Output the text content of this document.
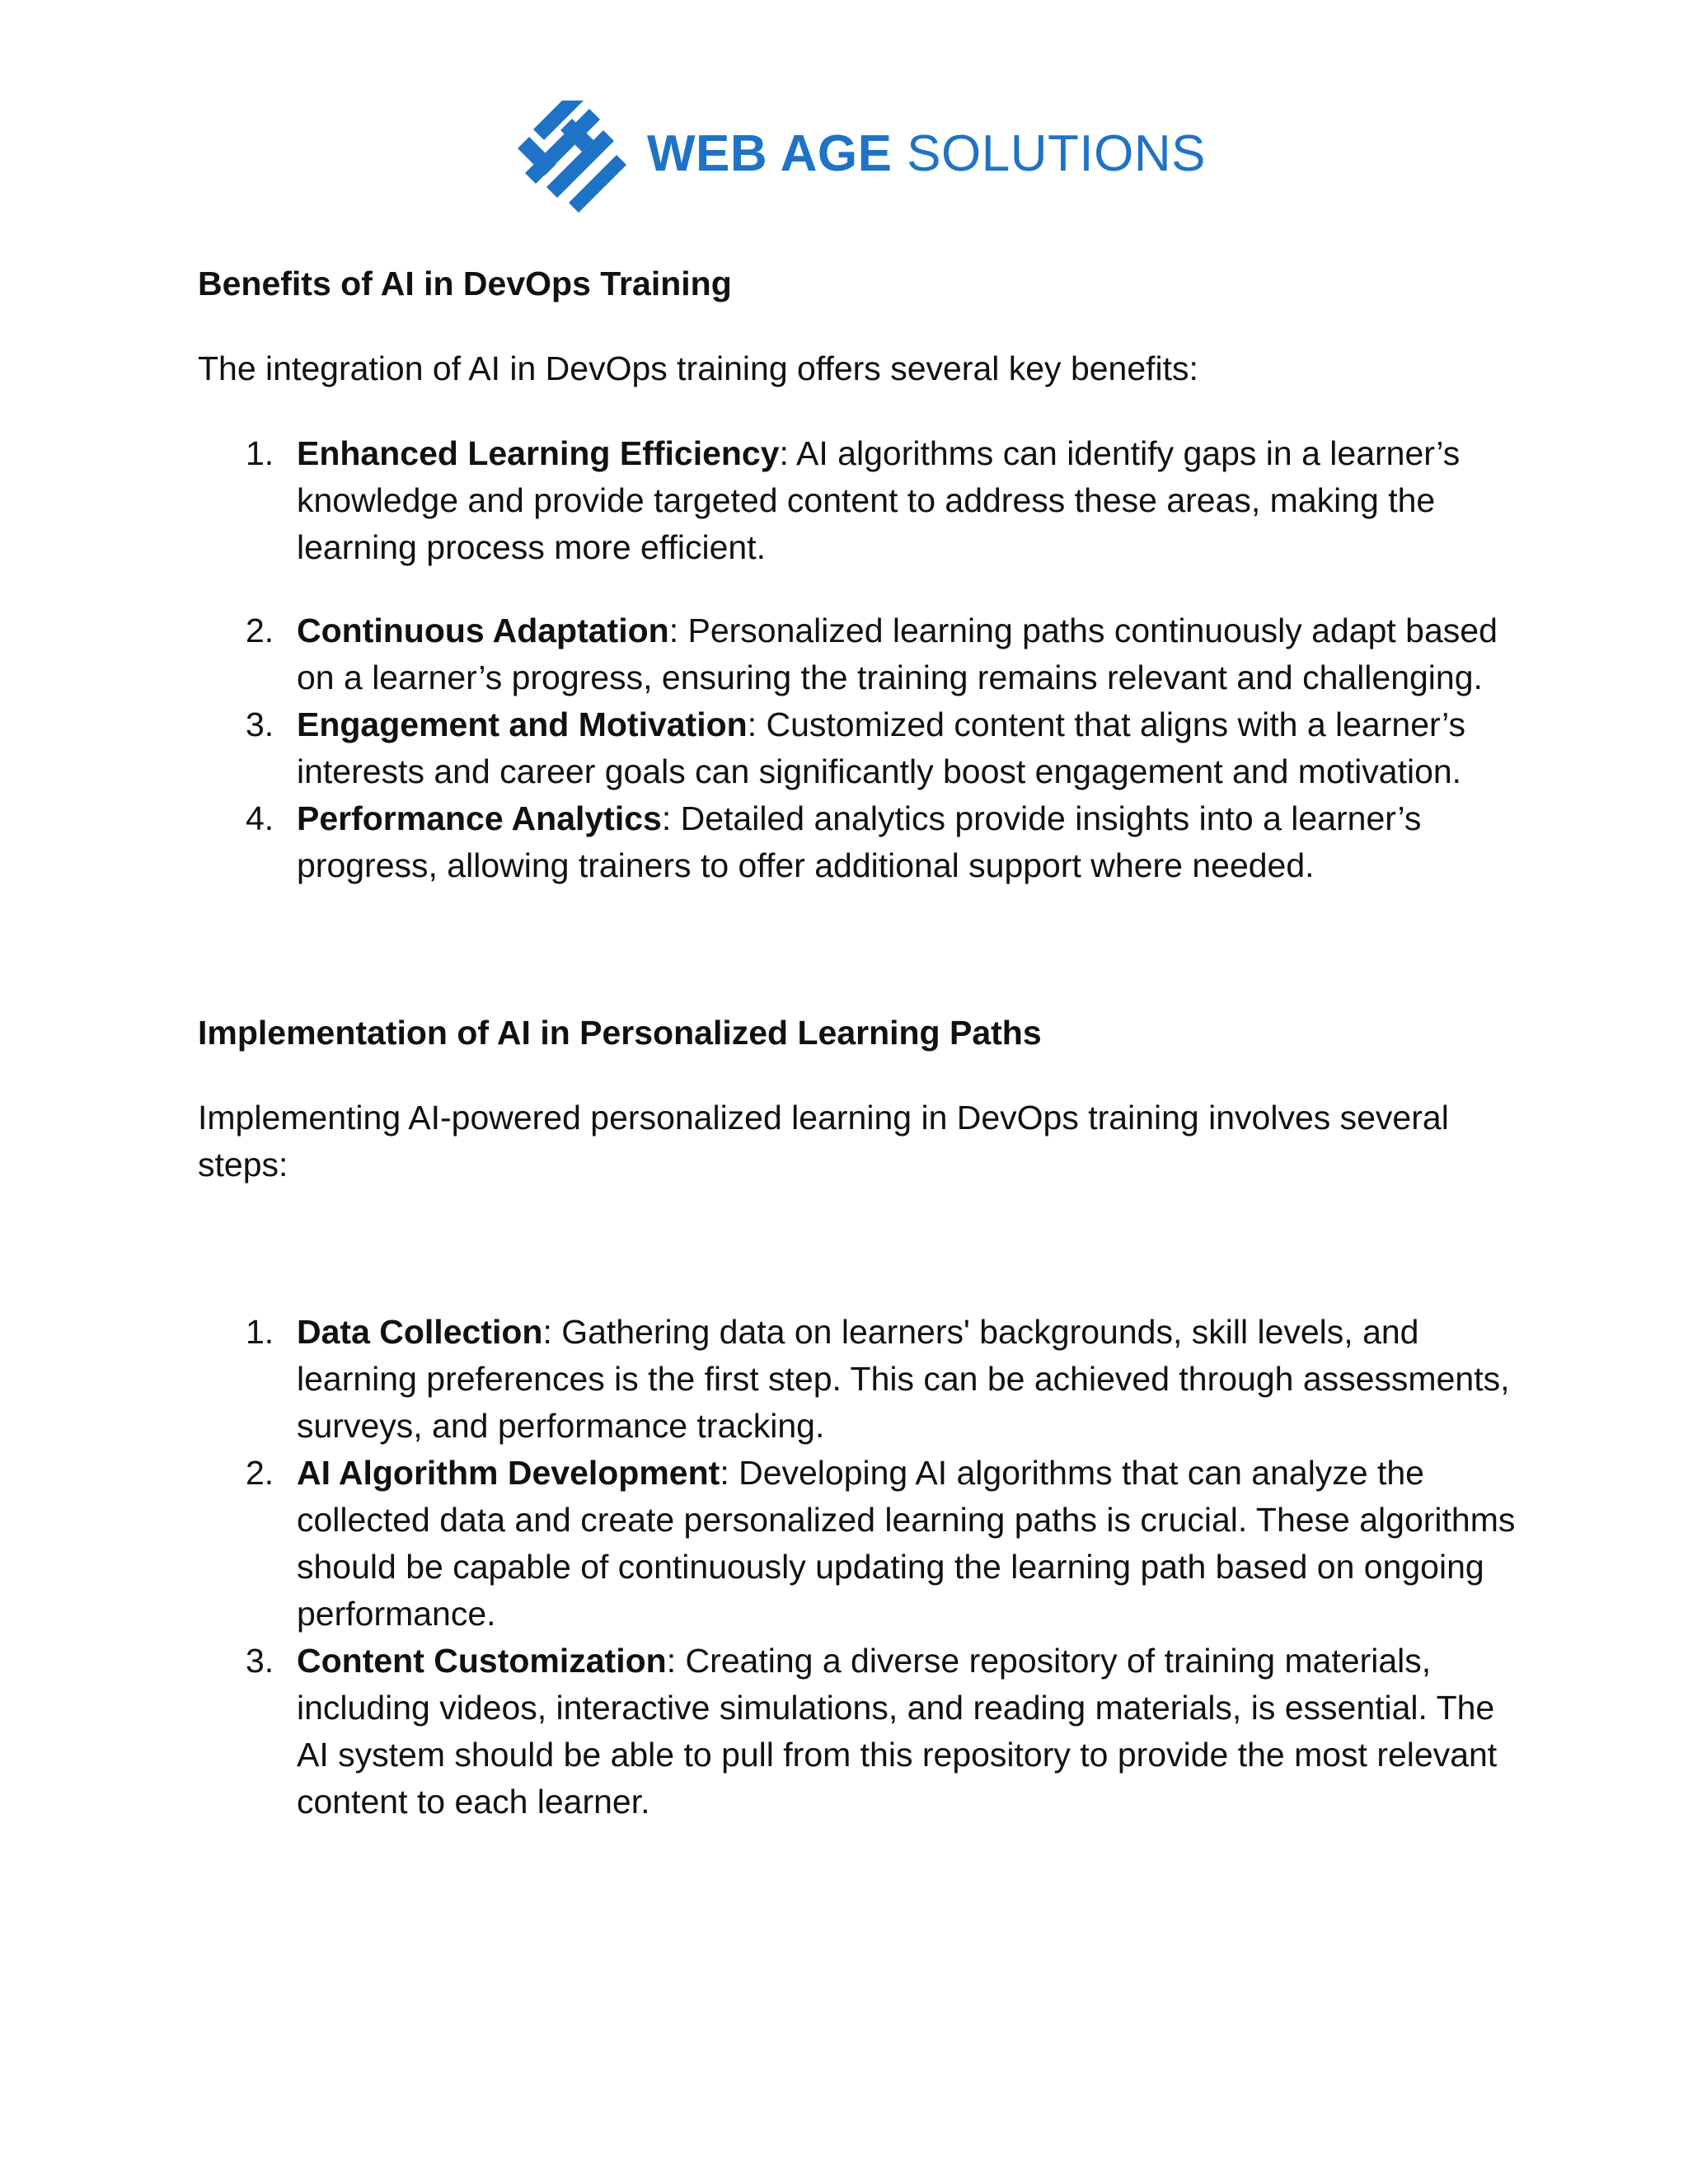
WEB AGE SOLUTIONS

Benefits of AI in DevOps Training

The integration of AI in DevOps training offers several key benefits:

1. Enhanced Learning Efficiency: AI algorithms can identify gaps in a learner’s knowledge and provide targeted content to address these areas, making the learning process more efficient.
2. Continuous Adaptation: Personalized learning paths continuously adapt based on a learner’s progress, ensuring the training remains relevant and challenging.
3. Engagement and Motivation: Customized content that aligns with a learner’s interests and career goals can significantly boost engagement and motivation.
4. Performance Analytics: Detailed analytics provide insights into a learner’s progress, allowing trainers to offer additional support where needed.

Implementation of AI in Personalized Learning Paths

Implementing AI-powered personalized learning in DevOps training involves several steps:

1. Data Collection: Gathering data on learners' backgrounds, skill levels, and learning preferences is the first step. This can be achieved through assessments, surveys, and performance tracking.
2. AI Algorithm Development: Developing AI algorithms that can analyze the collected data and create personalized learning paths is crucial. These algorithms should be capable of continuously updating the learning path based on ongoing performance.
3. Content Customization: Creating a diverse repository of training materials, including videos, interactive simulations, and reading materials, is essential. The AI system should be able to pull from this repository to provide the most relevant content to each learner.
